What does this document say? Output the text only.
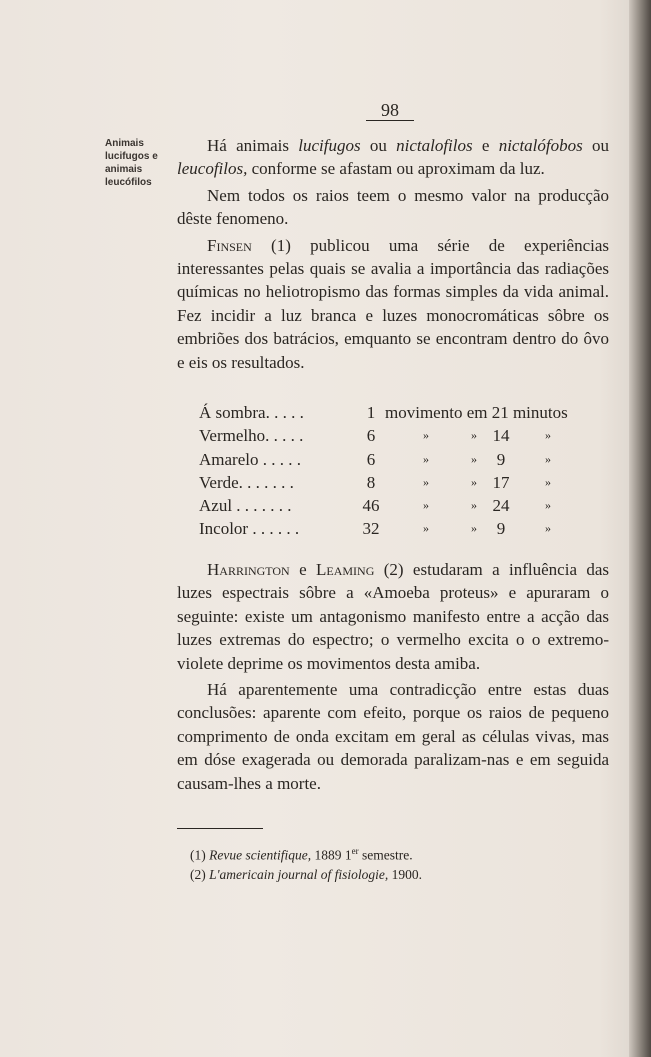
98
Animais lucifugos e animais leucófilos

Há animais lucifugos ou nictalofilos e nictalófobos ou leucofilos, conforme se afastam ou aproximam da luz.

Nem todos os raios teem o mesmo valor na producção dêste fenomeno.

Finsen (1) publicou uma série de experiências interessantes pelas quais se avalia a importância das radiações químicas no heliotropismo das formas simples da vida animal. Fez incidir a luz branca e luzes monocromáticas sôbre os embriões dos batrácios, emquanto se encontram dentro do ôvo e eis os resultados.

Á sombra. . . . .	1 movimento em 21 minutos
Vermelho. . . . .	6	»	» 14	»
Amarelo . . . . .	6	»	»	9	»
Verde. . . . . . .	8	»	» 17	»
Azul . . . . . . .	46	»	» 24	»
Incolor . . . . . .	32	»	»	9	»

Harrington e Leaming (2) estudaram a influência das luzes espectrais sôbre a «Amoeba proteus» e apuraram o seguinte: existe um antagonismo manifesto entre a acção das luzes extremas do espectro; o vermelho excita o o extremo-violete deprime os movimentos desta amiba.

Há aparentemente uma contradicção entre estas duas conclusões: aparente com efeito, porque os raios de pequeno comprimento de onda excitam em geral as células vivas, mas em dóse exagerada ou demorada paralizam-nas e em seguida causam-lhes a morte.

(1) Revue scientifique, 1889 1er semestre.

(2) L'americain journal of fisiologie, 1900.
